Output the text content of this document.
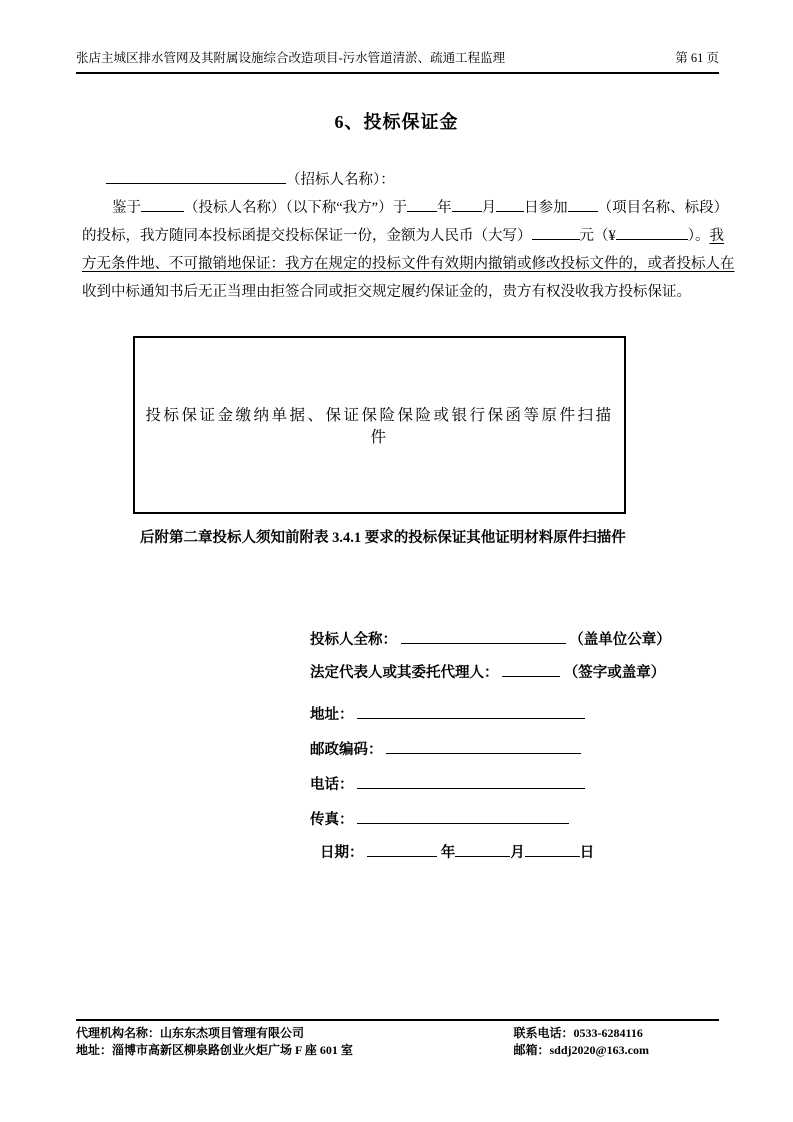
张店主城区排水管网及其附属设施综合改造项目-污水管道清淤、疏通工程监理	第 61 页
6、投标保证金
（招标人名称）：
鉴于	（投标人名称）（以下称“我方”）于 年 月 日参加 （项目名称、标段）
的投标，我方随同本投标函提交投标保证一份，金额为人民币（大写）	元（¥	）。我
方无条件地、不可撤销地保证：我方在规定的投标文件有效期内撤销或修改投标文件的，或者投标人在
收到中标通知书后无正当理由拒签合同或拒交规定履约保证金的，贵方有权没收我方投标保证。
投标保证金缴纳单据、保证保险保险或银行保函等原件扫描件
后附第二章投标人须知前附表 3.4.1 要求的投标保证其他证明材料原件扫描件
投标人全称：	（盖单位公章）
法定代表人或其委托代理人：	（签字或盖章）
地址：
邮政编码：
电话：
传真：
日期：	年	月	日
代理机构名称：山东东杰项目管理有限公司
地址：淄博市高新区柳泉路创业火炬广场 F 座 601 室
联系电话：0533-6284116
邮箱：sddj2020@163.com
